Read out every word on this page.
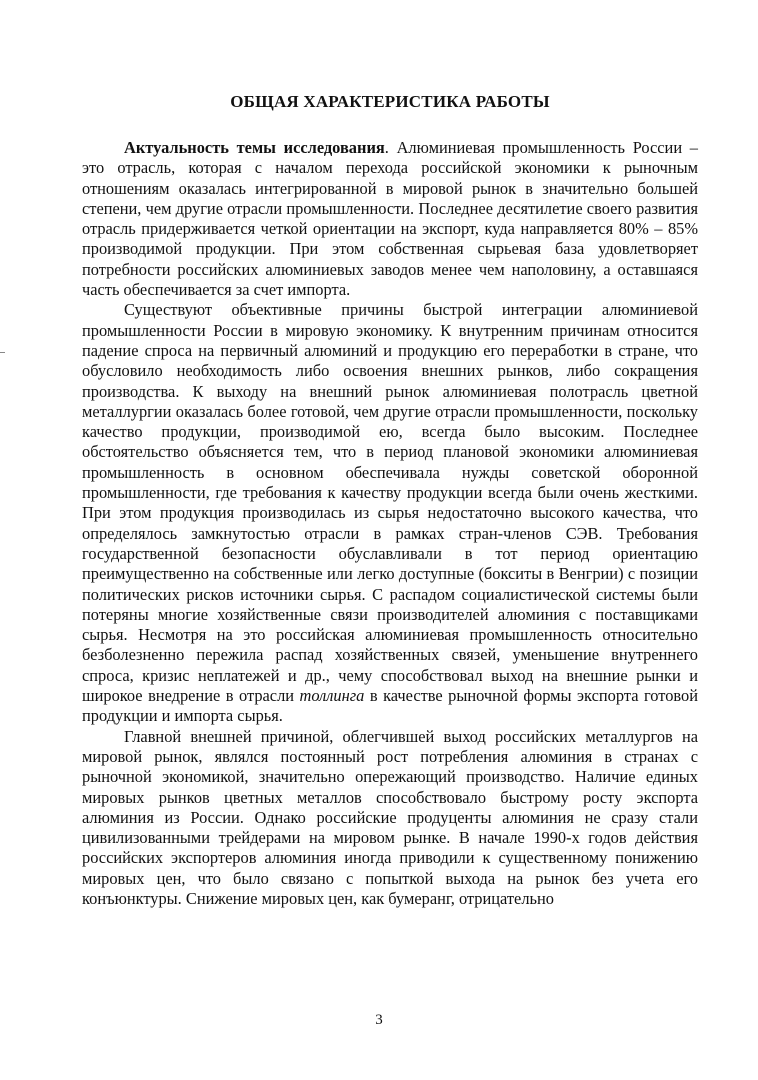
ОБЩАЯ ХАРАКТЕРИСТИКА РАБОТЫ

Актуальность темы исследования. Алюминиевая промышленность России – это отрасль, которая с началом перехода российской экономики к рыночным отношениям оказалась интегрированной в мировой рынок в значительно большей степени, чем другие отрасли промышленности. Последнее десятилетие своего развития отрасль придерживается четкой ориентации на экспорт, куда направляется 80% – 85% производимой продукции. При этом собственная сырьевая база удовлетворяет потребности российских алюминиевых заводов менее чем наполовину, а оставшаяся часть обеспечивается за счет импорта.

Существуют объективные причины быстрой интеграции алюминиевой промышленности России в мировую экономику. К внутренним причинам относится падение спроса на первичный алюминий и продукцию его переработки в стране, что обусловило необходимость либо освоения внешних рынков, либо сокращения производства. К выходу на внешний рынок алюминиевая полотрасль цветной металлургии оказалась более готовой, чем другие отрасли промышленности, поскольку качество продукции, производимой ею, всегда было высоким. Последнее обстоятельство объясняется тем, что в период плановой экономики алюминиевая промышленность в основном обеспечивала нужды советской оборонной промышленности, где требования к качеству продукции всегда были очень жесткими. При этом продукция производилась из сырья недостаточно высокого качества, что определялось замкнутостью отрасли в рамках стран-членов СЭВ. Требования государственной безопасности обуславливали в тот период ориентацию преимущественно на собственные или легко доступные (бокситы в Венгрии) с позиции политических рисков источники сырья. С распадом социалистической системы были потеряны многие хозяйственные связи производителей алюминия с поставщиками сырья. Несмотря на это российская алюминиевая промышленность относительно безболезненно пережила распад хозяйственных связей, уменьшение внутреннего спроса, кризис неплатежей и др., чему способствовал выход на внешние рынки и широкое внедрение в отрасли толлинга в качестве рыночной формы экспорта готовой продукции и импорта сырья.

Главной внешней причиной, облегчившей выход российских металлургов на мировой рынок, являлся постоянный рост потребления алюминия в странах с рыночной экономикой, значительно опережающий производство. Наличие единых мировых рынков цветных металлов способствовало быстрому росту экспорта алюминия из России. Однако российские продуценты алюминия не сразу стали цивилизованными трейдерами на мировом рынке. В начале 1990-х годов действия российских экспортеров алюминия иногда приводили к существенному понижению мировых цен, что было связано с попыткой выхода на рынок без учета его конъюнктуры. Снижение мировых цен, как бумеранг, отрицательно

3
